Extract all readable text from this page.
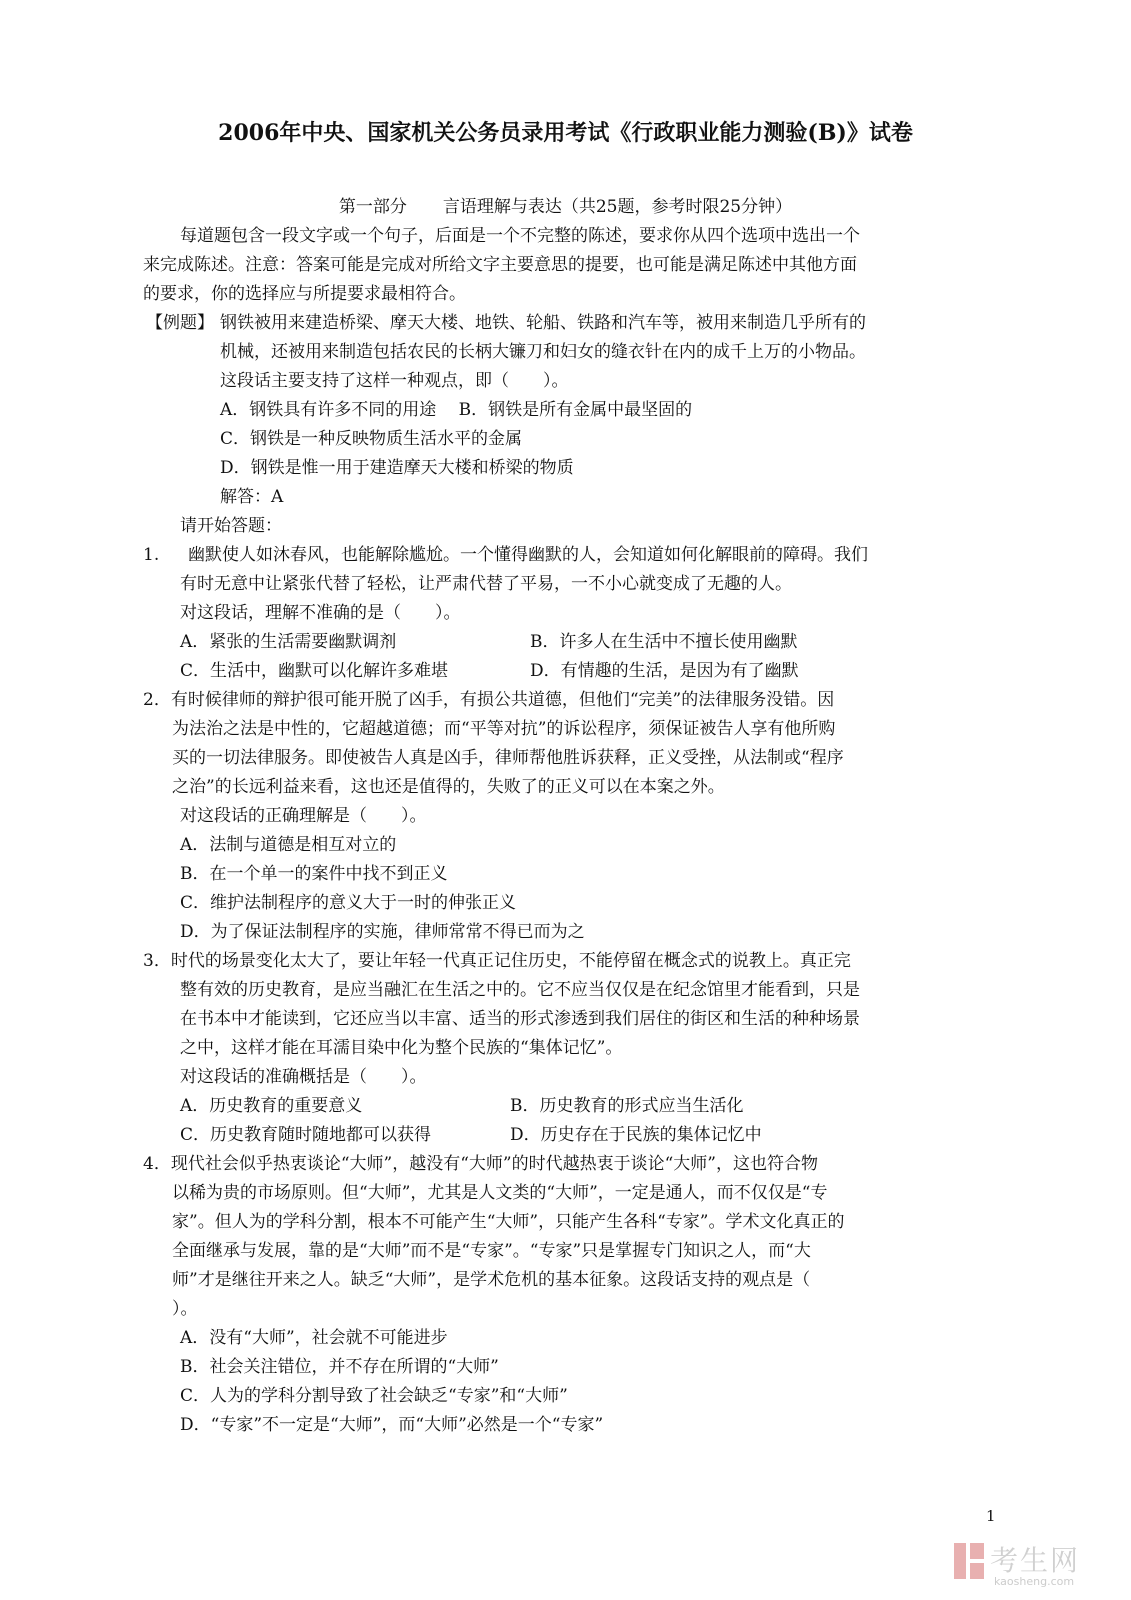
2006年中央、国家机关公务员录用考试《行政职业能力测验(B)》试卷

第一部分 言语理解与表达（共25题，参考时限25分钟）

每道题包含一段文字或一个句子，后面是一个不完整的陈述，要求你从四个选项中选出一个

来完成陈述。注意：答案可能是完成对所给文字主要意思的提要，也可能是满足陈述中其他方面

的要求，你的选择应与所提要求最相符合。

【例题】 钢铁被用来建造桥梁、摩天大楼、地铁、轮船、铁路和汽车等，被用来制造几乎所有的

机械，还被用来制造包括农民的长柄大镰刀和妇女的缝衣针在内的成千上万的小物品。

这段话主要支持了这样一种观点，即（　　）。

A．钢铁具有许多不同的用途　 B．钢铁是所有金属中最坚固的

C．钢铁是一种反映物质生活水平的金属

D．钢铁是惟一用于建造摩天大楼和桥梁的物质

解答：A

请开始答题：

1. 幽默使人如沐春风，也能解除尴尬。一个懂得幽默的人，会知道如何化解眼前的障碍。我们

有时无意中让紧张代替了轻松，让严肃代替了平易，一不小心就变成了无趣的人。

对这段话，理解不准确的是（　　）。

A．紧张的生活需要幽默调剂	B．许多人在生活中不擅长使用幽默

C．生活中，幽默可以化解许多难堪	D．有情趣的生活，是因为有了幽默

2．有时候律师的辩护很可能开脱了凶手，有损公共道德，但他们“完美”的法律服务没错。因

为法治之法是中性的，它超越道德；而“平等对抗”的诉讼程序，须保证被告人享有他所购

买的一切法律服务。即使被告人真是凶手，律师帮他胜诉获释，正义受挫，从法制或“程序

之治”的长远利益来看，这也还是值得的，失败了的正义可以在本案之外。

对这段话的正确理解是（　　）。

A．法制与道德是相互对立的

B．在一个单一的案件中找不到正义

C．维护法制程序的意义大于一时的伸张正义

D．为了保证法制程序的实施，律师常常不得已而为之

3．时代的场景变化太大了，要让年轻一代真正记住历史，不能停留在概念式的说教上。真正完

整有效的历史教育，是应当融汇在生活之中的。它不应当仅仅是在纪念馆里才能看到，只是

在书本中才能读到，它还应当以丰富、适当的形式渗透到我们居住的街区和生活的种种场景

之中，这样才能在耳濡目染中化为整个民族的“集体记忆”。

对这段话的准确概括是（　　）。

A．历史教育的重要意义	B．历史教育的形式应当生活化

C．历史教育随时随地都可以获得	D．历史存在于民族的集体记忆中

4．现代社会似乎热衷谈论“大师”，越没有“大师”的时代越热衷于谈论“大师”，这也符合物

以稀为贵的市场原则。但“大师”，尤其是人文类的“大师”，一定是通人，而不仅仅是“专

家”。但人为的学科分割，根本不可能产生“大师”，只能产生各科“专家”。学术文化真正的

全面继承与发展，靠的是“大师”而不是“专家”。“专家”只是掌握专门知识之人，而“大

师”才是继往开来之人。缺乏“大师”，是学术危机的基本征象。这段话支持的观点是（

）。

A．没有“大师”，社会就不可能进步

B．社会关注错位，并不存在所谓的“大师”

C．人为的学科分割导致了社会缺乏“专家”和“大师”

D．“专家”不一定是“大师”，而“大师”必然是一个“专家”

1
考生网
kaosheng.com
